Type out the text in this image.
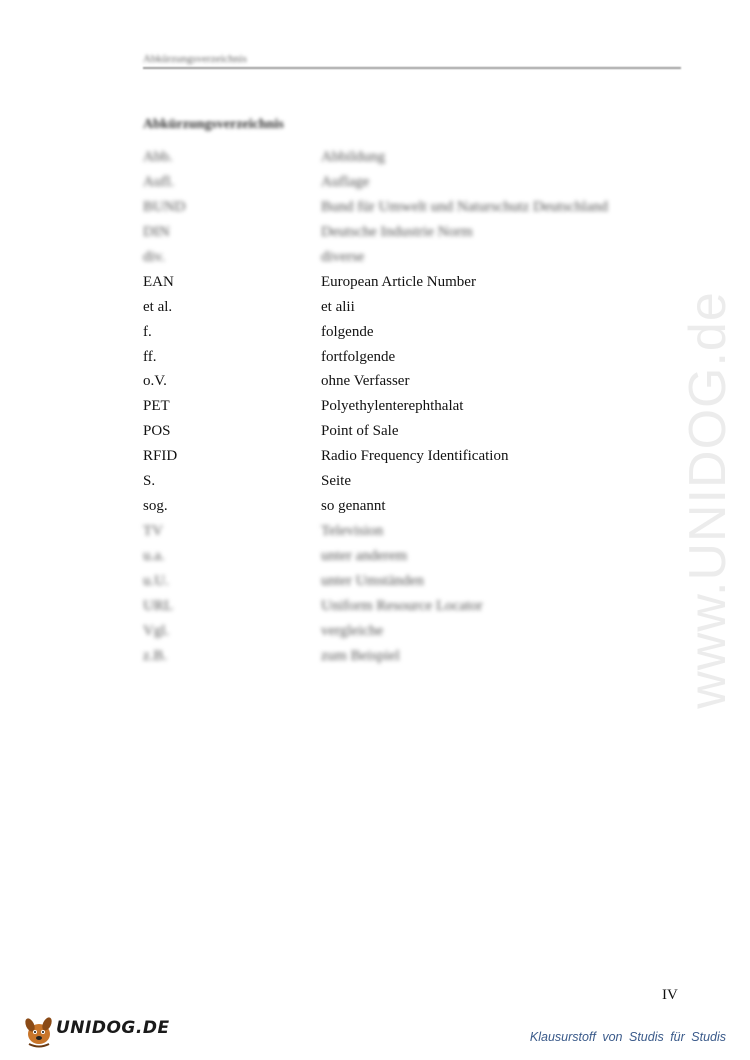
Abkürzungsverzeichnis
Abkürzungsverzeichnis
Abb.	Abbildung
Aufl.	Auflage
BUND	Bund für Umwelt und Naturschutz Deutschland
DIN	Deutsche Industrie Norm
div.	diverse
EAN	European Article Number
et al.	et alii
f.	folgende
ff.	fortfolgende
o.V.	ohne Verfasser
PET	Polyethylenterephthalat
POS	Point of Sale
RFID	Radio Frequency Identification
S.	Seite
sog.	so genannt
TV	Television
u.a.	unter anderem
u.U.	unter Umständen
URL	Uniform Resource Locator
Vgl.	vergleiche
z.B.	zum Beispiel
IV
www.UNIDOG.de
UNIDOG.DE	Klausurstoff von Studis für Studis
